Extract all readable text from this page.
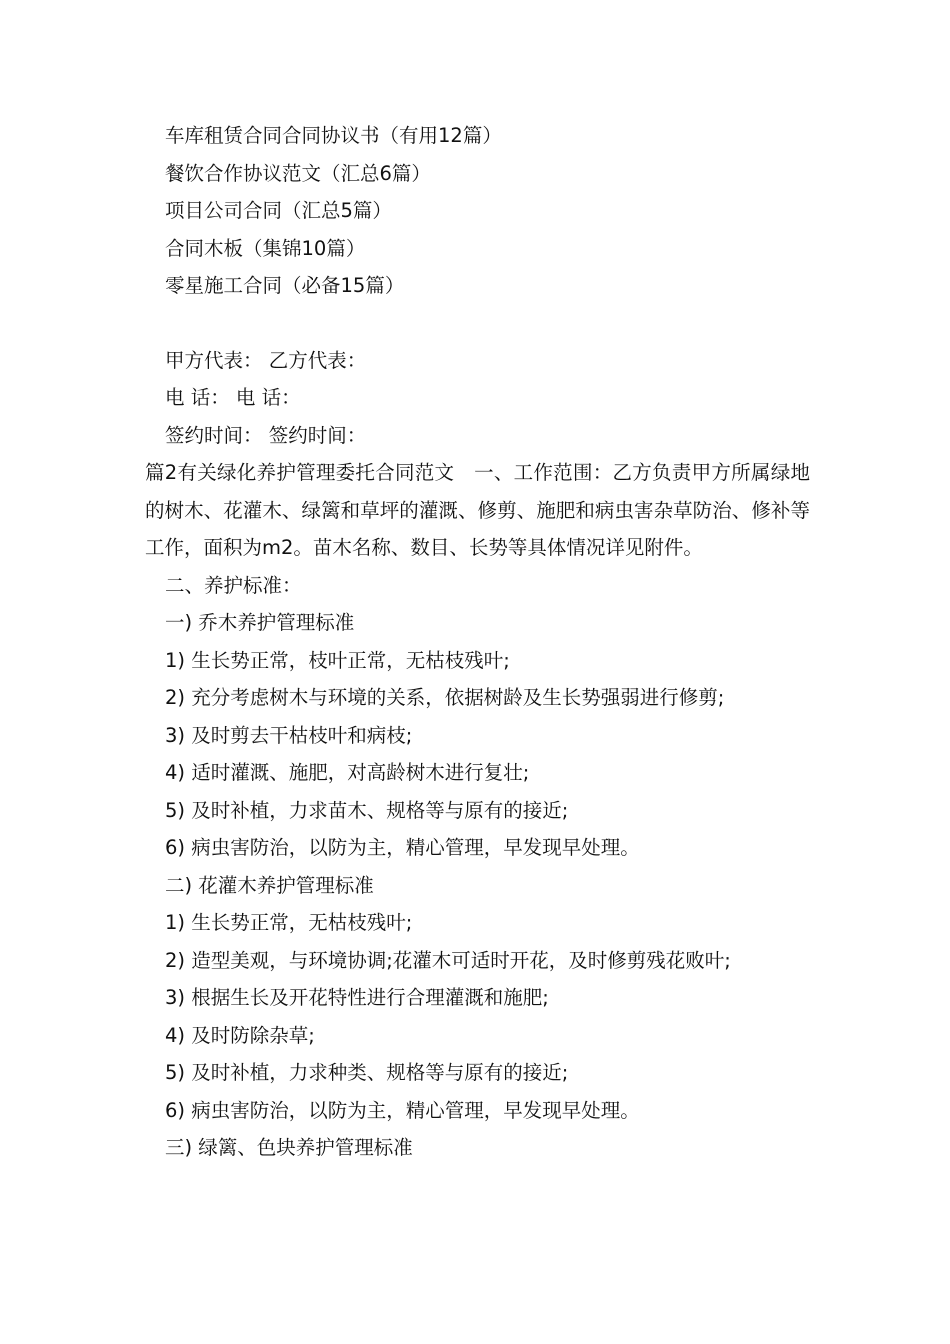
车库租赁合同合同协议书（有用12篇）

餐饮合作协议范文（汇总6篇）

项目公司合同（汇总5篇）

合同木板（集锦10篇）

零星施工合同（必备15篇）

甲方代表： 乙方代表：

电 话： 电 话：

签约时间： 签约时间：

篇2有关绿化养护管理委托合同范文　一、工作范围：乙方负责甲方所属绿地的树木、花灌木、绿篱和草坪的灌溉、修剪、施肥和病虫害杂草防治、修补等工作，面积为m2。苗木名称、数目、长势等具体情况详见附件。

二、养护标准：

一) 乔木养护管理标准

1) 生长势正常，枝叶正常，无枯枝残叶;

2) 充分考虑树木与环境的关系，依据树龄及生长势强弱进行修剪;

3) 及时剪去干枯枝叶和病枝;

4) 适时灌溉、施肥，对高龄树木进行复壮;

5) 及时补植，力求苗木、规格等与原有的接近;

6) 病虫害防治，以防为主，精心管理，早发现早处理。

二) 花灌木养护管理标准

1) 生长势正常，无枯枝残叶;

2) 造型美观，与环境协调;花灌木可适时开花，及时修剪残花败叶;

3) 根据生长及开花特性进行合理灌溉和施肥;

4) 及时防除杂草;

5) 及时补植，力求种类、规格等与原有的接近;

6) 病虫害防治，以防为主，精心管理，早发现早处理。

三) 绿篱、色块养护管理标准
